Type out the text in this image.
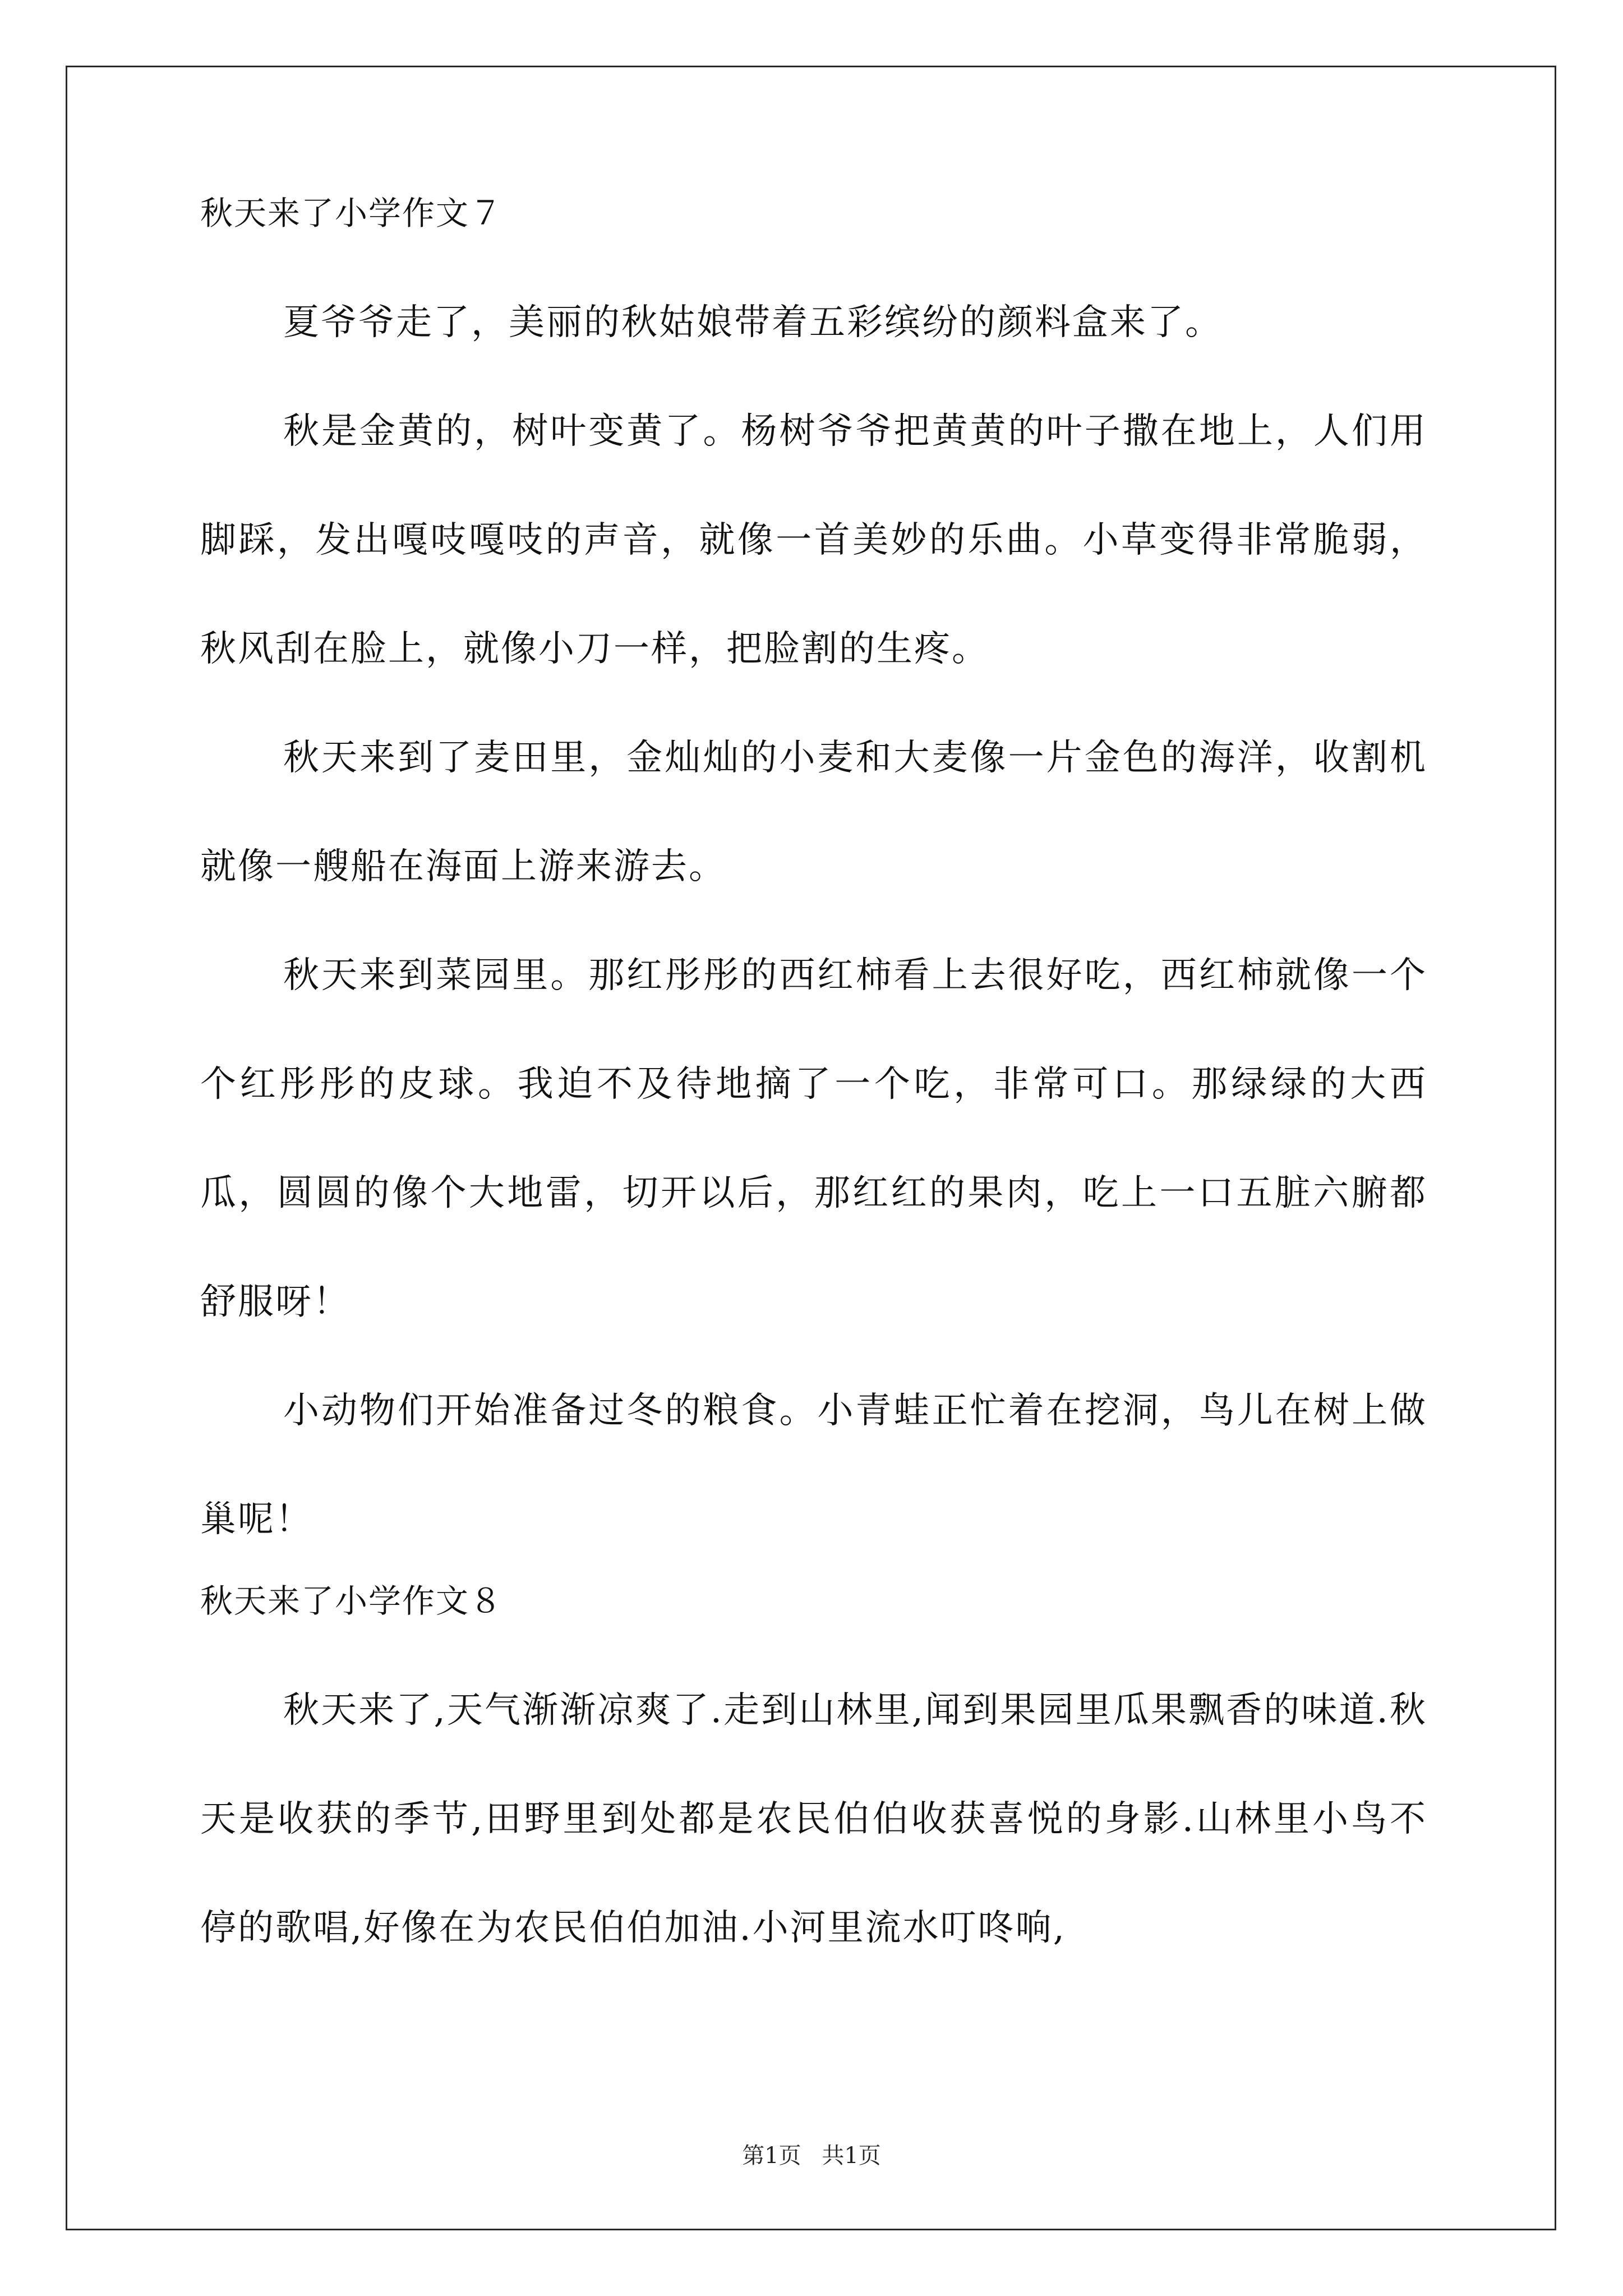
秋天来了小学作文７

夏爷爷走了，美丽的秋姑娘带着五彩缤纷的颜料盒来了。

秋是金黄的，树叶变黄了。杨树爷爷把黄黄的叶子撒在地上，人们用脚踩，发出嘎吱嘎吱的声音，就像一首美妙的乐曲。小草变得非常脆弱，秋风刮在脸上，就像小刀一样，把脸割的生疼。

秋天来到了麦田里，金灿灿的小麦和大麦像一片金色的海洋，收割机就像一艘船在海面上游来游去。

秋天来到菜园里。那红彤彤的西红柿看上去很好吃，西红柿就像一个个红彤彤的皮球。我迫不及待地摘了一个吃，非常可口。那绿绿的大西瓜，圆圆的像个大地雷，切开以后，那红红的果肉，吃上一口五脏六腑都舒服呀！

小动物们开始准备过冬的粮食。小青蛙正忙着在挖洞，鸟儿在树上做巢呢！

秋天来了小学作文８

秋天来了,天气渐渐凉爽了.走到山林里,闻到果园里瓜果飘香的味道.秋天是收获的季节,田野里到处都是农民伯伯收获喜悦的身影.山林里小鸟不停的歌唱,好像在为农民伯伯加油.小河里流水叮咚响,

第1页 共1页
